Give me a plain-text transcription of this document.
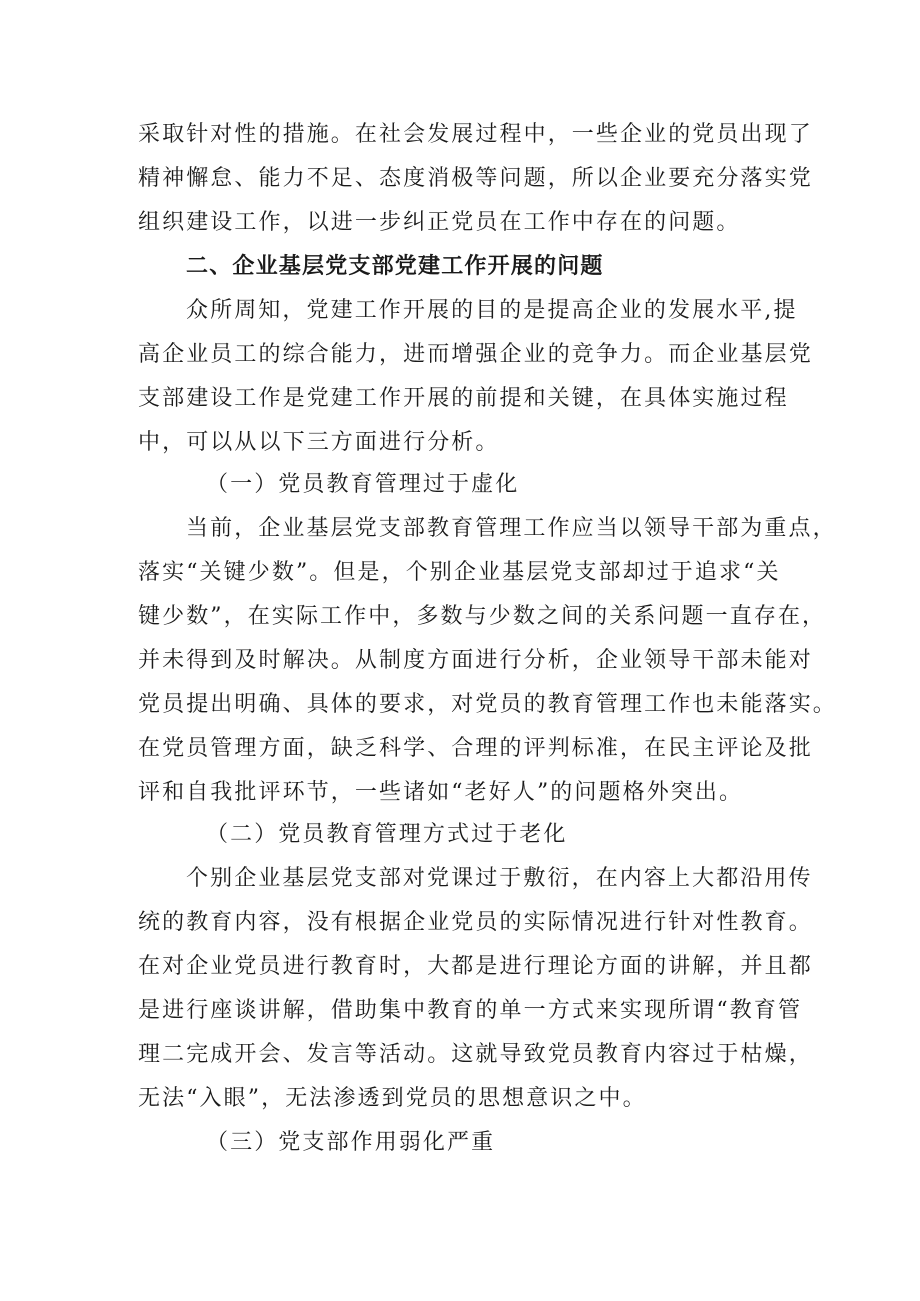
采取针对性的措施。在社会发展过程中，一些企业的党员出现了
精神懈怠、能力不足、态度消极等问题，所以企业要充分落实党
组织建设工作，以进一步纠正党员在工作中存在的问题。
二、企业基层党支部党建工作开展的问题
众所周知，党建工作开展的目的是提高企业的发展水平,提
高企业员工的综合能力，进而增强企业的竞争力。而企业基层党
支部建设工作是党建工作开展的前提和关键，在具体实施过程
中，可以从以下三方面进行分析。
（一）党员教育管理过于虚化
当前，企业基层党支部教育管理工作应当以领导干部为重点，
落实“关键少数”。但是，个别企业基层党支部却过于追求“关
键少数”，在实际工作中，多数与少数之间的关系问题一直存在，
并未得到及时解决。从制度方面进行分析，企业领导干部未能对
党员提出明确、具体的要求，对党员的教育管理工作也未能落实。
在党员管理方面，缺乏科学、合理的评判标准，在民主评论及批
评和自我批评环节，一些诸如“老好人”的问题格外突出。
（二）党员教育管理方式过于老化
个别企业基层党支部对党课过于敷衍，在内容上大都沿用传
统的教育内容，没有根据企业党员的实际情况进行针对性教育。
在对企业党员进行教育时，大都是进行理论方面的讲解，并且都
是进行座谈讲解，借助集中教育的单一方式来实现所谓“教育管
理二完成开会、发言等活动。这就导致党员教育内容过于枯燥，
无法“入眼”，无法渗透到党员的思想意识之中。
（三）党支部作用弱化严重
